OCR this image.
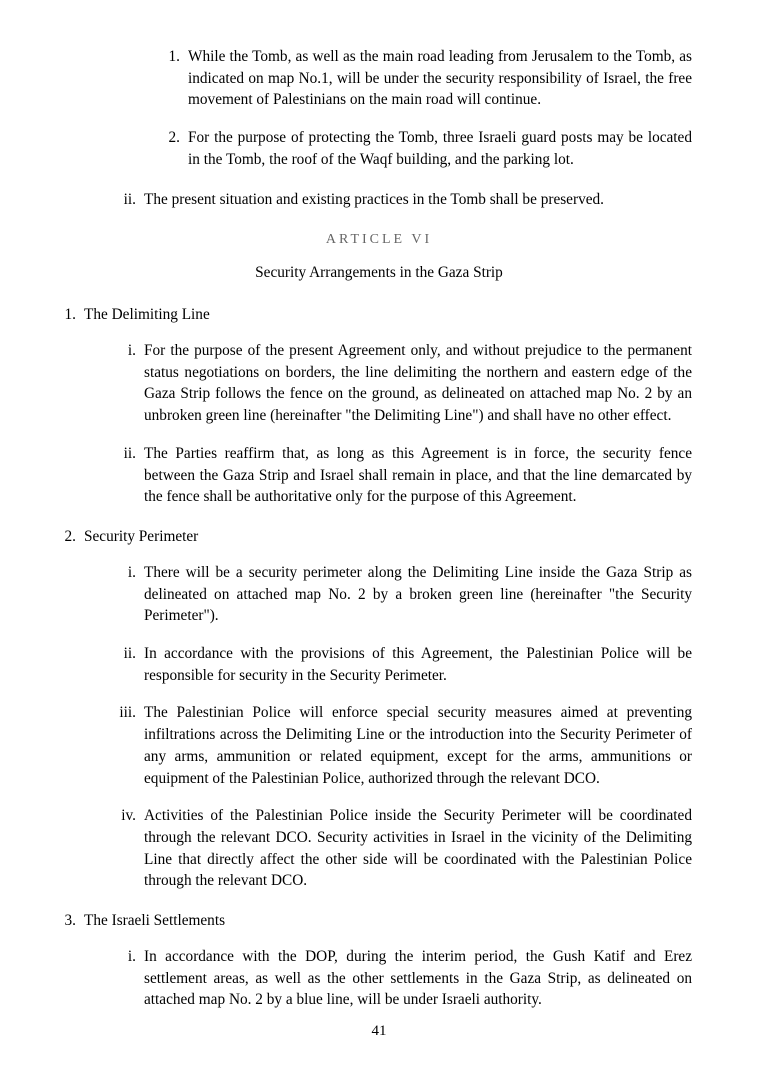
1. While the Tomb, as well as the main road leading from Jerusalem to the Tomb, as indicated on map No.1, will be under the security responsibility of Israel, the free movement of Palestinians on the main road will continue.
2. For the purpose of protecting the Tomb, three Israeli guard posts may be located in the Tomb, the roof of the Waqf building, and the parking lot.
ii. The present situation and existing practices in the Tomb shall be preserved.
ARTICLE VI
Security Arrangements in the Gaza Strip
1. The Delimiting Line
i. For the purpose of the present Agreement only, and without prejudice to the permanent status negotiations on borders, the line delimiting the northern and eastern edge of the Gaza Strip follows the fence on the ground, as delineated on attached map No. 2 by an unbroken green line (hereinafter "the Delimiting Line") and shall have no other effect.
ii. The Parties reaffirm that, as long as this Agreement is in force, the security fence between the Gaza Strip and Israel shall remain in place, and that the line demarcated by the fence shall be authoritative only for the purpose of this Agreement.
2. Security Perimeter
i. There will be a security perimeter along the Delimiting Line inside the Gaza Strip as delineated on attached map No. 2 by a broken green line (hereinafter "the Security Perimeter").
ii. In accordance with the provisions of this Agreement, the Palestinian Police will be responsible for security in the Security Perimeter.
iii. The Palestinian Police will enforce special security measures aimed at preventing infiltrations across the Delimiting Line or the introduction into the Security Perimeter of any arms, ammunition or related equipment, except for the arms, ammunitions or equipment of the Palestinian Police, authorized through the relevant DCO.
iv. Activities of the Palestinian Police inside the Security Perimeter will be coordinated through the relevant DCO. Security activities in Israel in the vicinity of the Delimiting Line that directly affect the other side will be coordinated with the Palestinian Police through the relevant DCO.
3. The Israeli Settlements
i. In accordance with the DOP, during the interim period, the Gush Katif and Erez settlement areas, as well as the other settlements in the Gaza Strip, as delineated on attached map No. 2 by a blue line, will be under Israeli authority.
41
